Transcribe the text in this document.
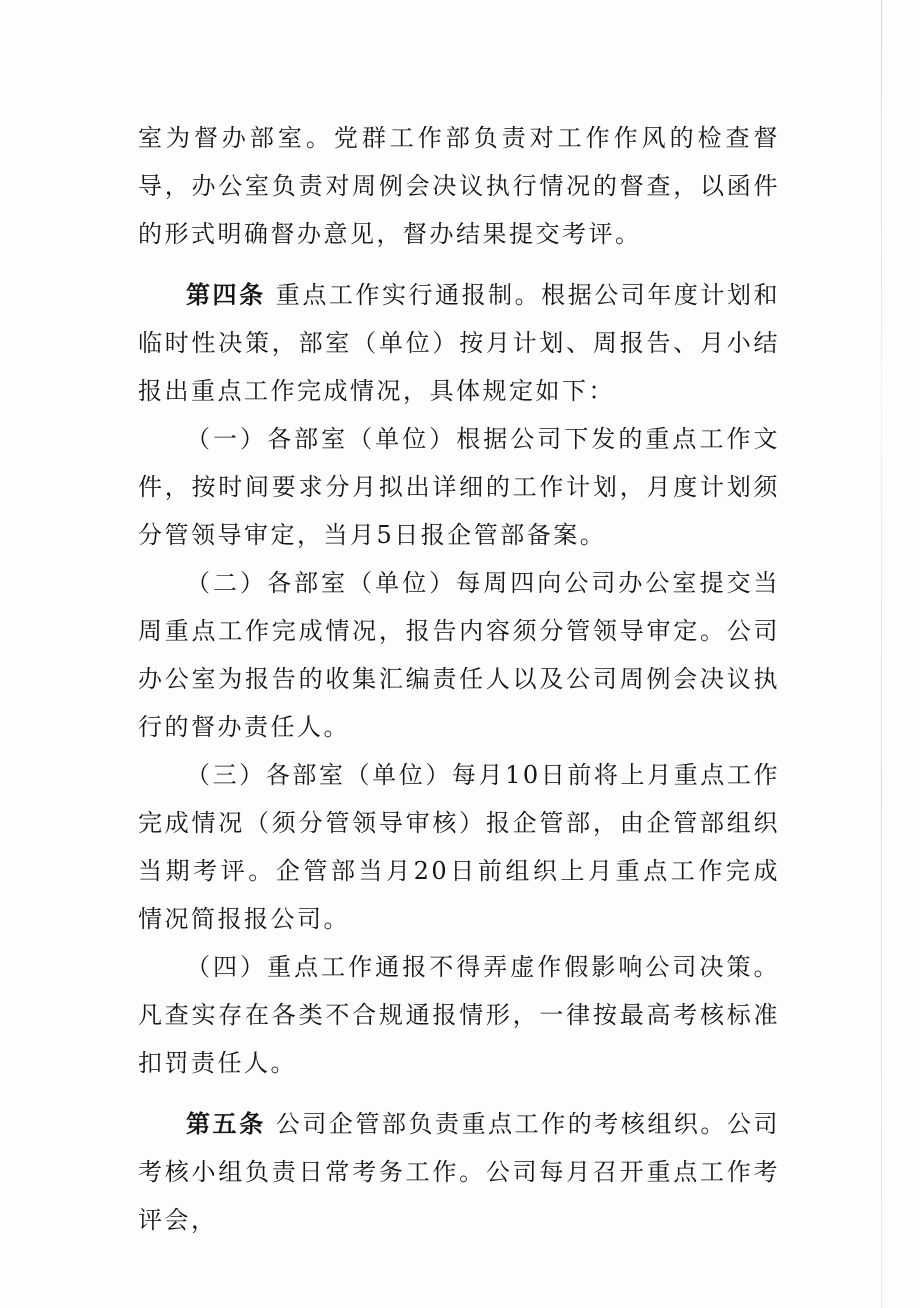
室为督办部室。党群工作部负责对工作作风的检查督导，办公室负责对周例会决议执行情况的督查，以函件的形式明确督办意见，督办结果提交考评。

第四条 重点工作实行通报制。根据公司年度计划和临时性决策，部室（单位）按月计划、周报告、月小结报出重点工作完成情况，具体规定如下：

（一）各部室（单位）根据公司下发的重点工作文件，按时间要求分月拟出详细的工作计划，月度计划须分管领导审定，当月5日报企管部备案。

（二）各部室（单位）每周四向公司办公室提交当周重点工作完成情况，报告内容须分管领导审定。公司办公室为报告的收集汇编责任人以及公司周例会决议执行的督办责任人。

（三）各部室（单位）每月10日前将上月重点工作完成情况（须分管领导审核）报企管部，由企管部组织当期考评。企管部当月20日前组织上月重点工作完成情况简报报公司。

（四）重点工作通报不得弄虚作假影响公司决策。凡查实存在各类不合规通报情形，一律按最高考核标准扣罚责任人。

第五条 公司企管部负责重点工作的考核组织。公司考核小组负责日常考务工作。公司每月召开重点工作考评会，
